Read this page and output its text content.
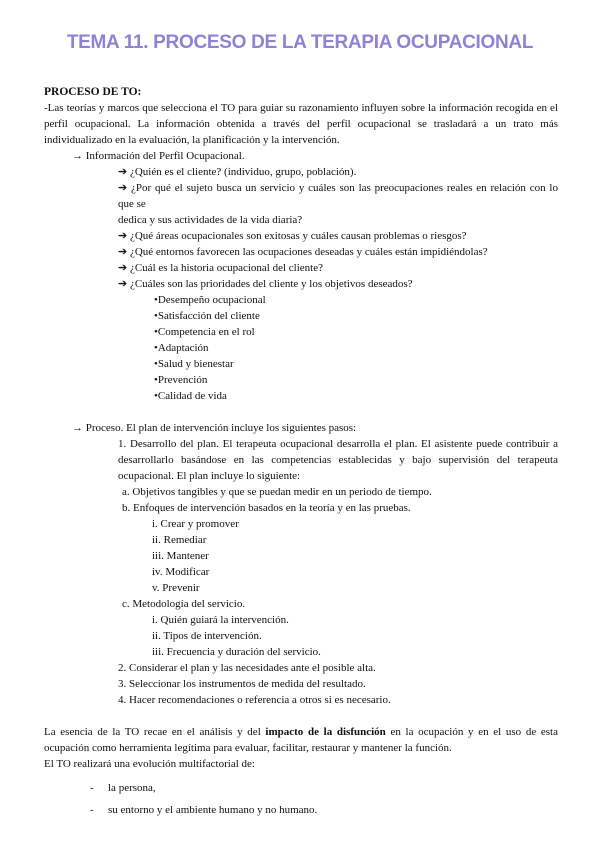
TEMA 11. PROCESO DE LA TERAPIA OCUPACIONAL
PROCESO DE TO:
-Las teorías y marcos que selecciona el TO para guiar su razonamiento influyen sobre la información recogida en el perfil ocupacional. La información obtenida a través del perfil ocupacional se trasladará a un trato más individualizado en la evaluación, la planificación y la intervención.
→ Información del Perfil Ocupacional.
➔ ¿Quién es el cliente? (individuo, grupo, población).
➔ ¿Por qué el sujeto busca un servicio y cuáles son las preocupaciones reales en relación con lo que se
dedica y sus actividades de la vida diaria?
➔ ¿Qué áreas ocupacionales son exitosas y cuáles causan problemas o riesgos?
➔ ¿Qué entornos favorecen las ocupaciones deseadas y cuáles están impidiéndolas?
➔ ¿Cuál es la historia ocupacional del cliente?
➔ ¿Cuáles son las prioridades del cliente y los objetivos deseados?
•Desempeño ocupacional
•Satisfacción del cliente
•Competencia en el rol
•Adaptación
•Salud y bienestar
•Prevención
•Calidad de vida
→ Proceso. El plan de intervención incluye los siguientes pasos:
1. Desarrollo del plan. El terapeuta ocupacional desarrolla el plan. El asistente puede contribuir a desarrollarlo basándose en las competencias establecidas y bajo supervisión del terapeuta ocupacional. El plan incluye lo siguiente:
a. Objetivos tangibles y que se puedan medir en un periodo de tiempo.
b. Enfoques de intervención basados en la teoría y en las pruebas.
i. Crear y promover
ii. Remediar
iii. Mantener
iv. Modificar
v. Prevenir
c. Metodología del servicio.
i. Quién guiará la intervención.
ii. Tipos de intervención.
iii. Frecuencia y duración del servicio.
2. Considerar el plan y las necesidades ante el posible alta.
3. Seleccionar los instrumentos de medida del resultado.
4. Hacer recomendaciones o referencia a otros si es necesario.
La esencia de la TO recae en el análisis y del impacto de la disfunción en la ocupación y en el uso de esta ocupación como herramienta legítima para evaluar, facilitar, restaurar y mantener la función.
El TO realizará una evolución multifactorial de:
-	la persona,
-	su entorno y el ambiente humano y no humano.
